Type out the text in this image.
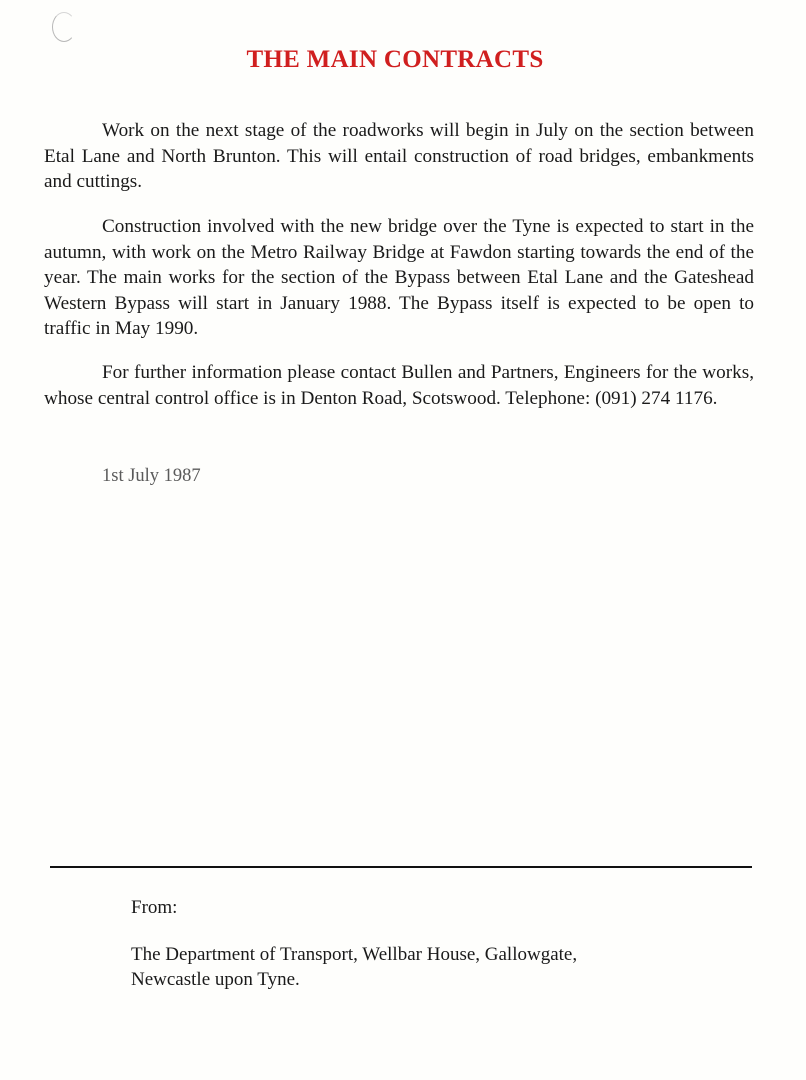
THE MAIN CONTRACTS

Work on the next stage of the roadworks will begin in July on the section between Etal Lane and North Brunton. This will entail construction of road bridges, embankments and cuttings.

Construction involved with the new bridge over the Tyne is expected to start in the autumn, with work on the Metro Railway Bridge at Fawdon starting towards the end of the year. The main works for the section of the Bypass between Etal Lane and the Gateshead Western Bypass will start in January 1988. The Bypass itself is expected to be open to traffic in May 1990.

For further information please contact Bullen and Partners, Engineers for the works, whose central control office is in Denton Road, Scotswood. Telephone: (091) 274 1176.

1st July 1987

From:

The Department of Transport, Wellbar House, Gallowgate,
Newcastle upon Tyne.
